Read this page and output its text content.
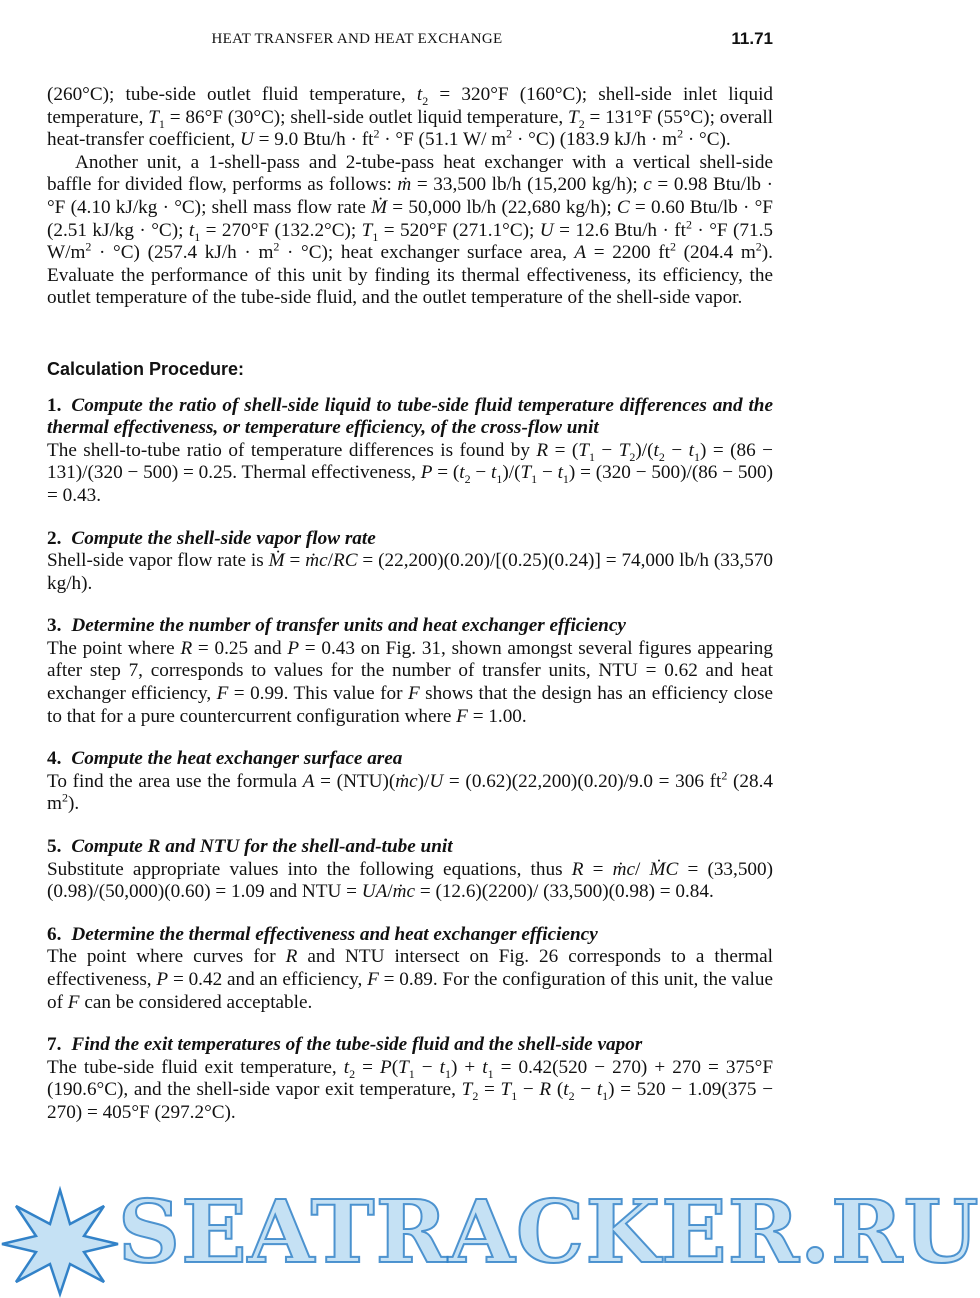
HEAT TRANSFER AND HEAT EXCHANGE	11.71

(260°C); tube-side outlet fluid temperature, $t_2 = 320^\circ F$ (160°C); shell-side inlet liquid temperature, $T_1 = 86^\circ F$ (30°C); shell-side outlet liquid temperature, $T_2 = 131^\circ F$ (55°C); overall heat-transfer coefficient, U = 9.0 $Btu/h \cdot ft^2 \cdot ^\circ F$ (51.1 W/ $m^2 \cdot ^\circ C$) (183.9 $kJ/h \cdot m^2 \cdot ^\circ C$).

Another unit, a 1-shell-pass and 2-tube-pass heat exchanger with a vertical shell-side baffle for divided flow, performs as follows: ṁ = 33,500 lb/h (15,200 kg/h); c = 0.98 Btu/lb · °F (4.10 kJ/kg · °C); shell mass flow rate Ṁ = 50,000 lb/h (22,680 kg/h); C = 0.60 Btu/lb · °F (2.51 kJ/kg · °C); $t_1 = 270^\circ F$ (132.2°C); $T_1 = 520^\circ F$ (271.1°C); U = 12.6 $Btu/h \cdot ft^2 \cdot ^\circ F$ (71.5 $W/m^2 \cdot ^\circ C$) (257.4 $kJ/h \cdot m^2 \cdot ^\circ C$); heat exchanger surface area, A = 2200 $ft^2$ (204.4 $m^2$). Evaluate the performance of this unit by finding its thermal effectiveness, its efficiency, the outlet temperature of the tube-side fluid, and the outlet temperature of the shell-side vapor.

Calculation Procedure:

1. Compute the ratio of shell-side liquid to tube-side fluid temperature differences and the thermal effectiveness, or temperature efficiency, of the cross-flow unit

The shell-to-tube ratio of temperature differences is found by $R = (T_1 - T_2)/(t_2 - t_1) = (86 - 131)/(320 - 500) = 0.25$. Thermal effectiveness, $P = (t_2 - t_1)/(T_1 - t_1) = (320 - 500)/(86 - 500) = 0.43$.

2. Compute the shell-side vapor flow rate

Shell-side vapor flow rate is Ṁ = ṁc/RC = (22,200)(0.20)/[(0.25)(0.24)] = 74,000 lb/h (33,570 kg/h).

3. Determine the number of transfer units and heat exchanger efficiency

The point where R = 0.25 and P = 0.43 on Fig. 31, shown amongst several figures appearing after step 7, corresponds to values for the number of transfer units, NTU = 0.62 and heat exchanger efficiency, F = 0.99. This value for F shows that the design has an efficiency close to that for a pure countercurrent configuration where F = 1.00.

4. Compute the heat exchanger surface area

To find the area use the formula A = (NTU)(ṁc)/U = (0.62)(22,200)(0.20)/9.0 = 306 $ft^2$ (28.4 $m^2$).

5. Compute R and NTU for the shell-and-tube unit

Substitute appropriate values into the following equations, thus R = ṁc/ ṀC = (33,500)(0.98)/(50,000)(0.60) = 1.09 and NTU = UA/ṁc = (12.6)(2200)/ (33,500)(0.98) = 0.84.

6. Determine the thermal effectiveness and heat exchanger efficiency

The point where curves for R and NTU intersect on Fig. 26 corresponds to a thermal effectiveness, P = 0.42 and an efficiency, F = 0.89. For the configuration of this unit, the value of F can be considered acceptable.

7. Find the exit temperatures of the tube-side fluid and the shell-side vapor

The tube-side fluid exit temperature, $t_2 = P(T_1 - t_1) + t_1 = 0.42(520 - 270) + 270 = 375^\circ F$ (190.6°C), and the shell-side vapor exit temperature, $T_2 = T_1 - R$ $(t_2 - t_1) = 520 - 1.09(375 - 270) = 405^\circ F$ (297.2°C).

SEATRACKER.RU
